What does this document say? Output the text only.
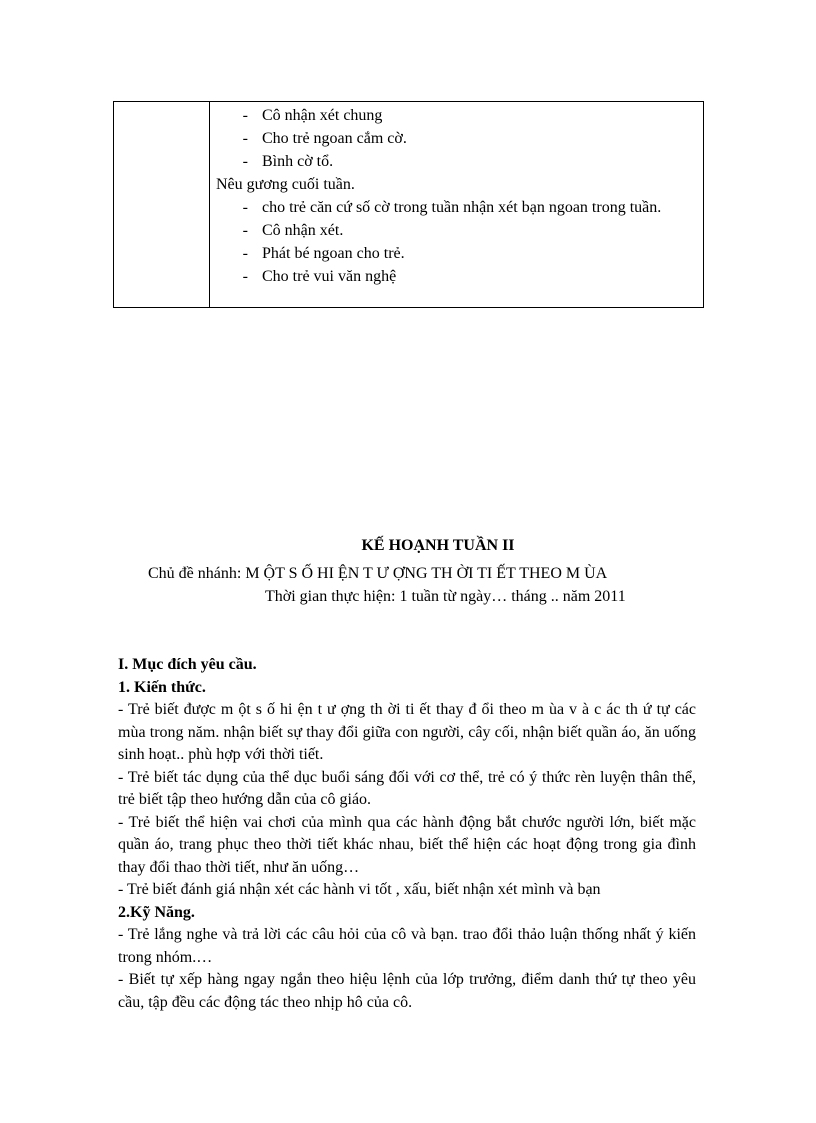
- Cô nhận xét chung
- Cho trẻ ngoan cắm cờ.
- Bình cờ tổ.
Nêu gương cuối tuần.
- cho trẻ căn cứ số cờ trong tuần nhận xét bạn ngoan trong tuần.
- Cô nhận xét.
- Phát bé ngoan cho trẻ.
- Cho trẻ vui văn nghệ
KẾ HOẠNH TUẦN II
Chủ đề nhánh: M ỘT S Ố HI ỆN T Ư ỢNG TH ỜI TI ẾT THEO M ÙA
Thời gian thực hiện: 1 tuần từ ngày… tháng .. năm 2011

I. Mục đích yêu cầu.

1. Kiến thức.

- Trẻ biết được m ột s ố hi ện t ư ợng th ời ti ết thay đ ổi theo m ùa v à c ác th ứ tự các mùa trong năm. nhận biết sự thay đổi giữa con người, cây cối, nhận biết quần áo, ăn uống sinh hoạt.. phù hợp với thời tiết.

- Trẻ biết tác dụng của thể dục buổi sáng đối với cơ thể, trẻ có ý thức rèn luyện thân thể, trẻ biết tập theo hướng dẫn của cô giáo.

- Trẻ biết thể hiện vai chơi của mình qua các hành động bắt chước người lớn, biết mặc quần áo, trang phục theo thời tiết khác nhau, biết thể hiện các hoạt động trong gia đình thay đổi thao thời tiết, như ăn uống…

- Trẻ biết đánh giá nhận xét các hành vi tốt , xấu, biết nhận xét mình và bạn

2.Kỹ Năng.

- Trẻ lắng nghe và trả lời các câu hỏi của cô và bạn. trao đổi thảo luận thống nhất ý kiến trong nhóm.…

- Biết tự xếp hàng ngay ngắn theo hiệu lệnh của lớp trưởng, điểm danh thứ tự theo yêu cầu, tập đều các động tác theo nhịp hô của cô.
